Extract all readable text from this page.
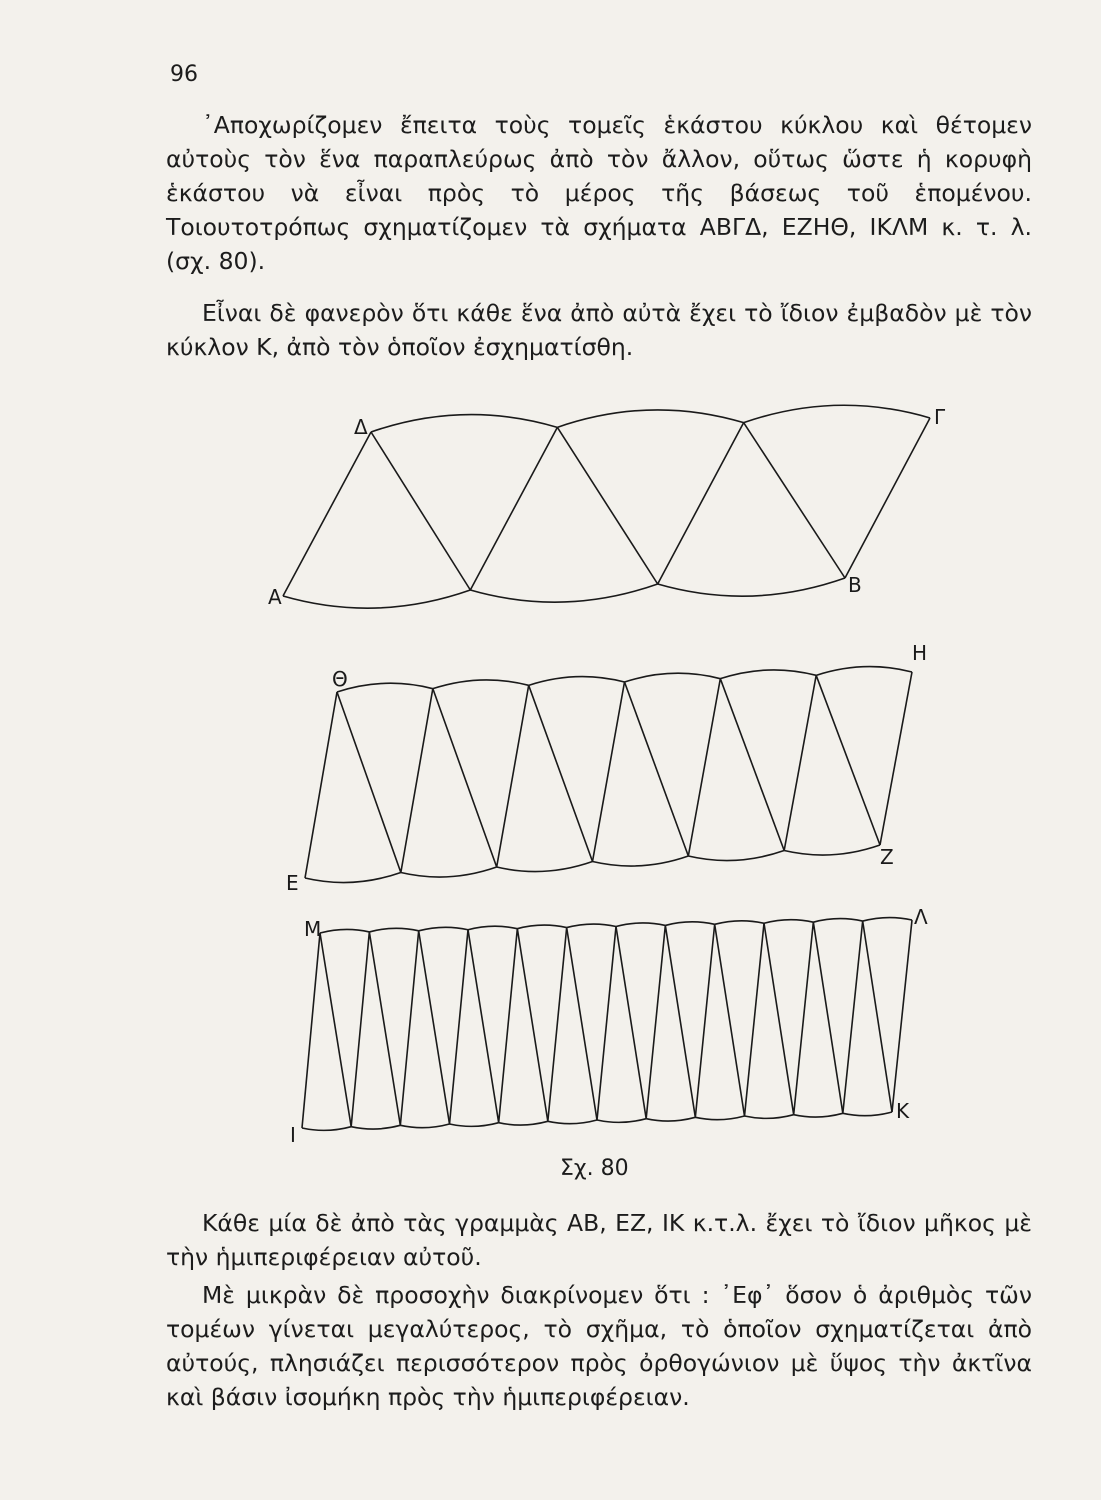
96

᾿Αποχωρίζομεν ἔπειτα τοὺς τομεῖς ἑκάστου κύκλου καὶ θέτομεν αὐτοὺς τὸν ἕνα παραπλεύρως ἀπὸ τὸν ἄλλον, οὕτως ὥστε ἡ κορυφὴ ἑκάστου νὰ εἶναι πρὸς τὸ μέρος τῆς βάσεως τοῦ ἑπομένου. Τοιουτοτρόπως σχηματίζομεν τὰ σχήματα ΑΒΓΔ, ΕΖΗΘ, ΙΚΛΜ κ. τ. λ. (σχ. 80).

Εἶναι δὲ φανερὸν ὅτι κάθε ἕνα ἀπὸ αὐτὰ ἔχει τὸ ἴδιον ἐμβαδὸν μὲ τὸν κύκλον Κ, ἀπὸ τὸν ὁποῖον ἐσχηματίσθη.

Α	Β
Γ
Δ
Ε
Ζ
Η
Θ
Ι
Κ
Λ
Μ
Σχ. 80

Κάθε μία δὲ ἀπὸ τὰς γραμμὰς ΑΒ, ΕΖ, ΙΚ κ.τ.λ. ἔχει τὸ ἴδιον μῆκος μὲ τὴν ἡμιπεριφέρειαν αὐτοῦ.

Μὲ μικρὰν δὲ προσοχὴν διακρίνομεν ὅτι : ᾿Εφ᾿ ὅσον ὁ ἀριθμὸς τῶν τομέων γίνεται μεγαλύτερος, τὸ σχῆμα, τὸ ὁποῖον σχηματίζεται ἀπὸ αὐτούς, πλησιάζει περισσότερον πρὸς ὀρθογώνιον μὲ ὕψος τὴν ἀκτῖνα καὶ βάσιν ἰσομήκη πρὸς τὴν ἡμιπεριφέρειαν.
